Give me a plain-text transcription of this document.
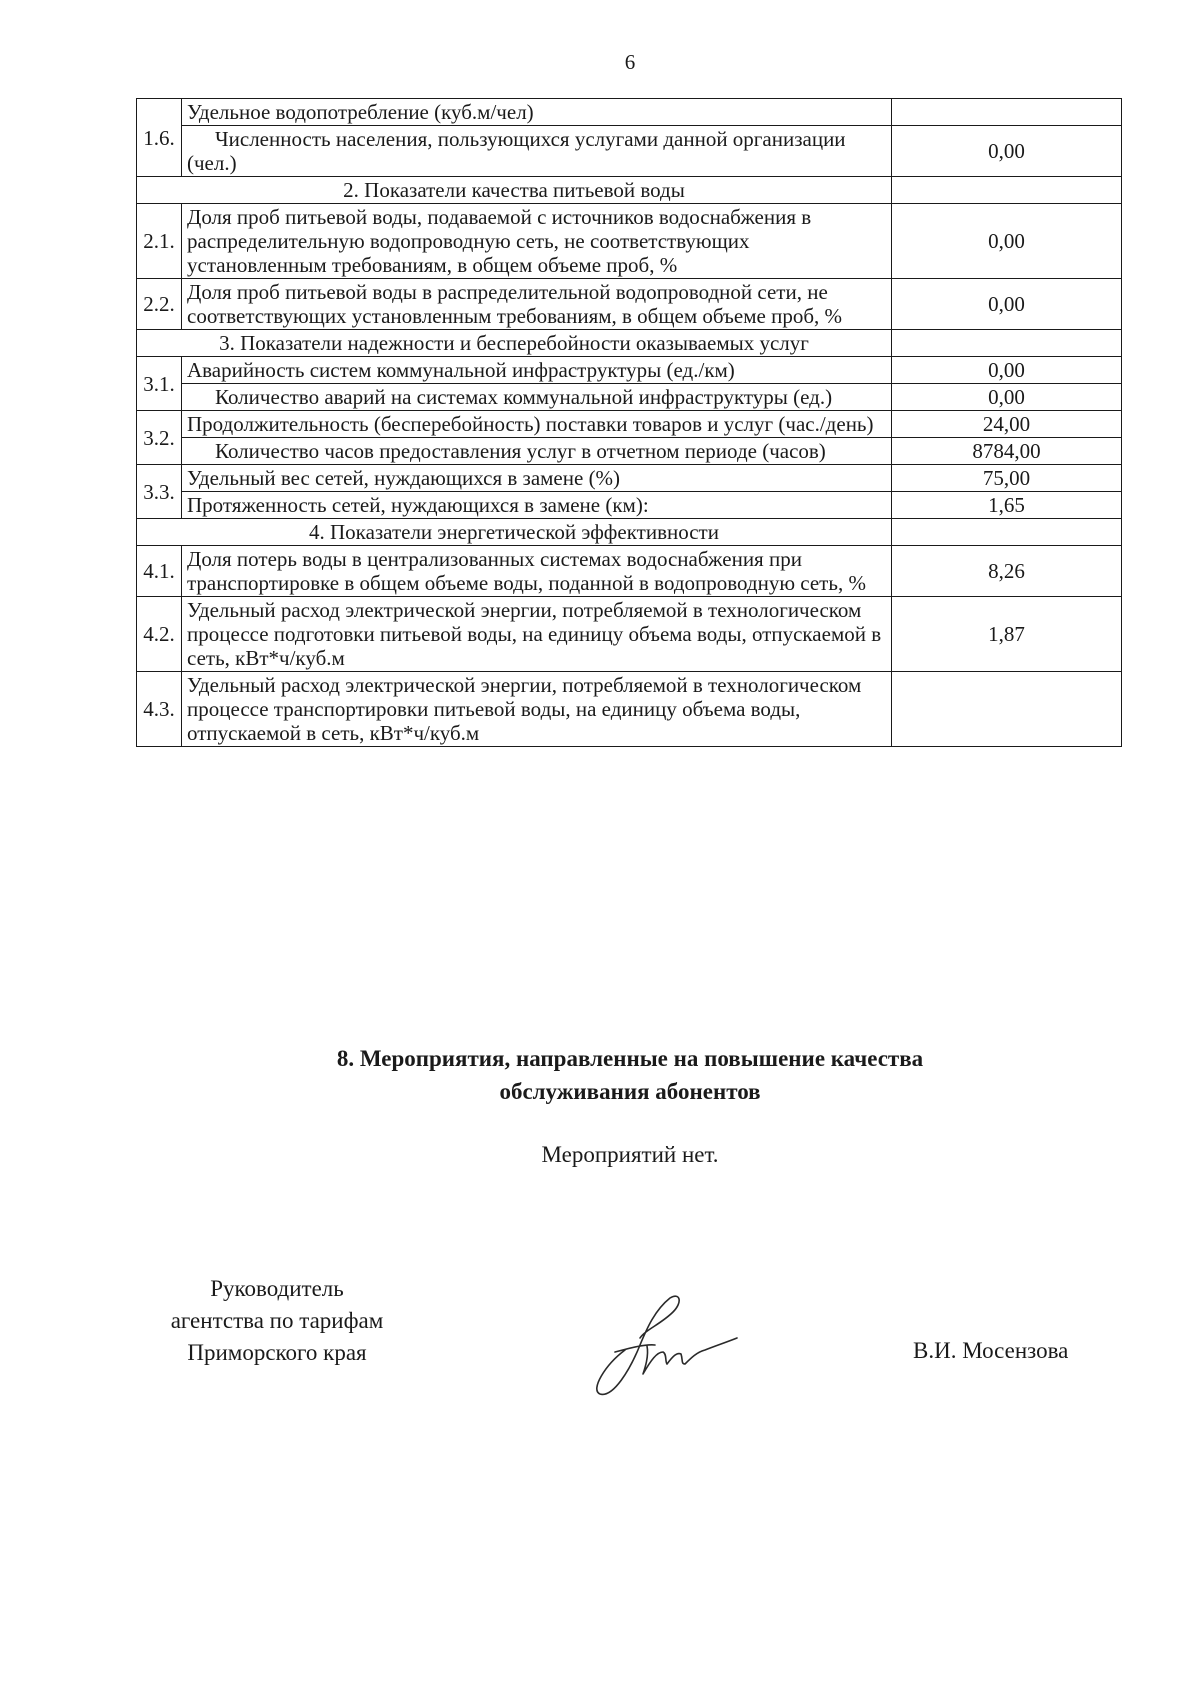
6
1.6.	Удельное водопотребление (куб.м/чел)	
	Численность населения, пользующихся услугами данной организации (чел.)	0,00
2. Показатели качества питьевой воды		
2.1.	Доля проб питьевой воды, подаваемой с источников водоснабжения в распределительную водопроводную сеть, не соответствующих установленным требованиям, в общем объеме проб, %	0,00
2.2.	Доля проб питьевой воды в распределительной водопроводной сети, не соответствующих установленным требованиям, в общем объеме проб, %	0,00
3. Показатели надежности и бесперебойности оказываемых услуг		
3.1.	Аварийность систем коммунальной инфраструктуры (ед./км)	0,00
	Количество аварий на системах коммунальной инфраструктуры (ед.)	0,00
3.2.	Продолжительность (бесперебойность) поставки товаров и услуг (час./день)	24,00
	Количество часов предоставления услуг в отчетном периоде (часов)	8784,00
3.3.	Удельный вес сетей, нуждающихся в замене (%)	75,00
	Протяженность сетей, нуждающихся в замене (км):	1,65
4. Показатели энергетической эффективности		
4.1.	Доля потерь воды в централизованных системах водоснабжения при транспортировке в общем объеме воды, поданной в водопроводную сеть, %	8,26
4.2.	Удельный расход электрической энергии, потребляемой в технологическом процессе подготовки питьевой воды, на единицу объема воды, отпускаемой в сеть, кВт*ч/куб.м	1,87
4.3.	Удельный расход электрической энергии, потребляемой в технологическом процессе транспортировки питьевой воды, на единицу объема воды, отпускаемой в сеть, кВт*ч/куб.м	
8. Мероприятия, направленные на повышение качества
обслуживания абонентов
Мероприятий нет.
Руководитель
агентства по тарифам
Приморского края	В.И. Мосензова
